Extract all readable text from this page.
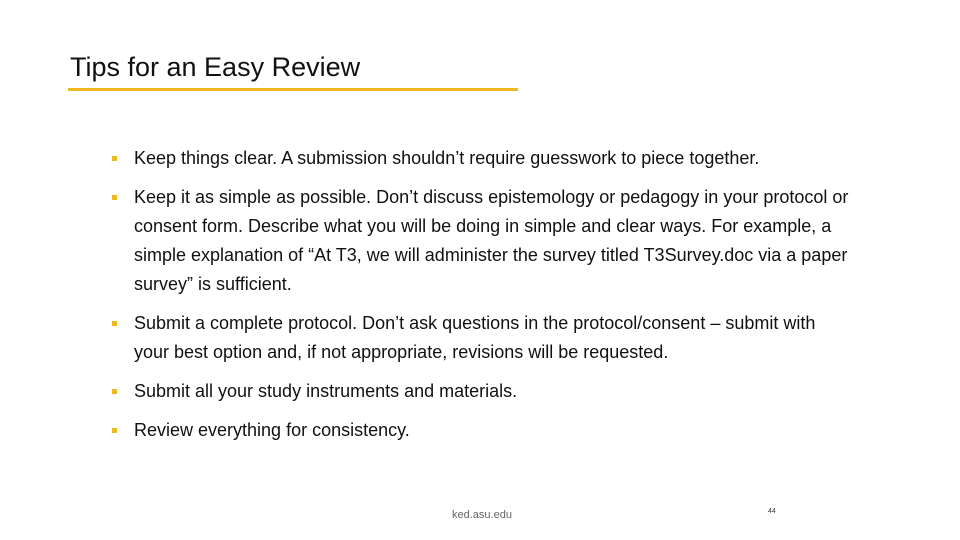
Tips for an Easy Review
Keep things clear. A submission shouldn’t require guesswork to piece together.
Keep it as simple as possible. Don’t discuss epistemology or pedagogy in your protocol or consent form. Describe what you will be doing in simple and clear ways. For example, a simple explanation of “At T3, we will administer the survey titled T3Survey.doc via a paper survey” is sufficient.
Submit a complete protocol. Don’t ask questions in the protocol/consent – submit with your best option and, if not appropriate, revisions will be requested.
Submit all your study instruments and materials.
Review everything for consistency.
ked.asu.edu	44
